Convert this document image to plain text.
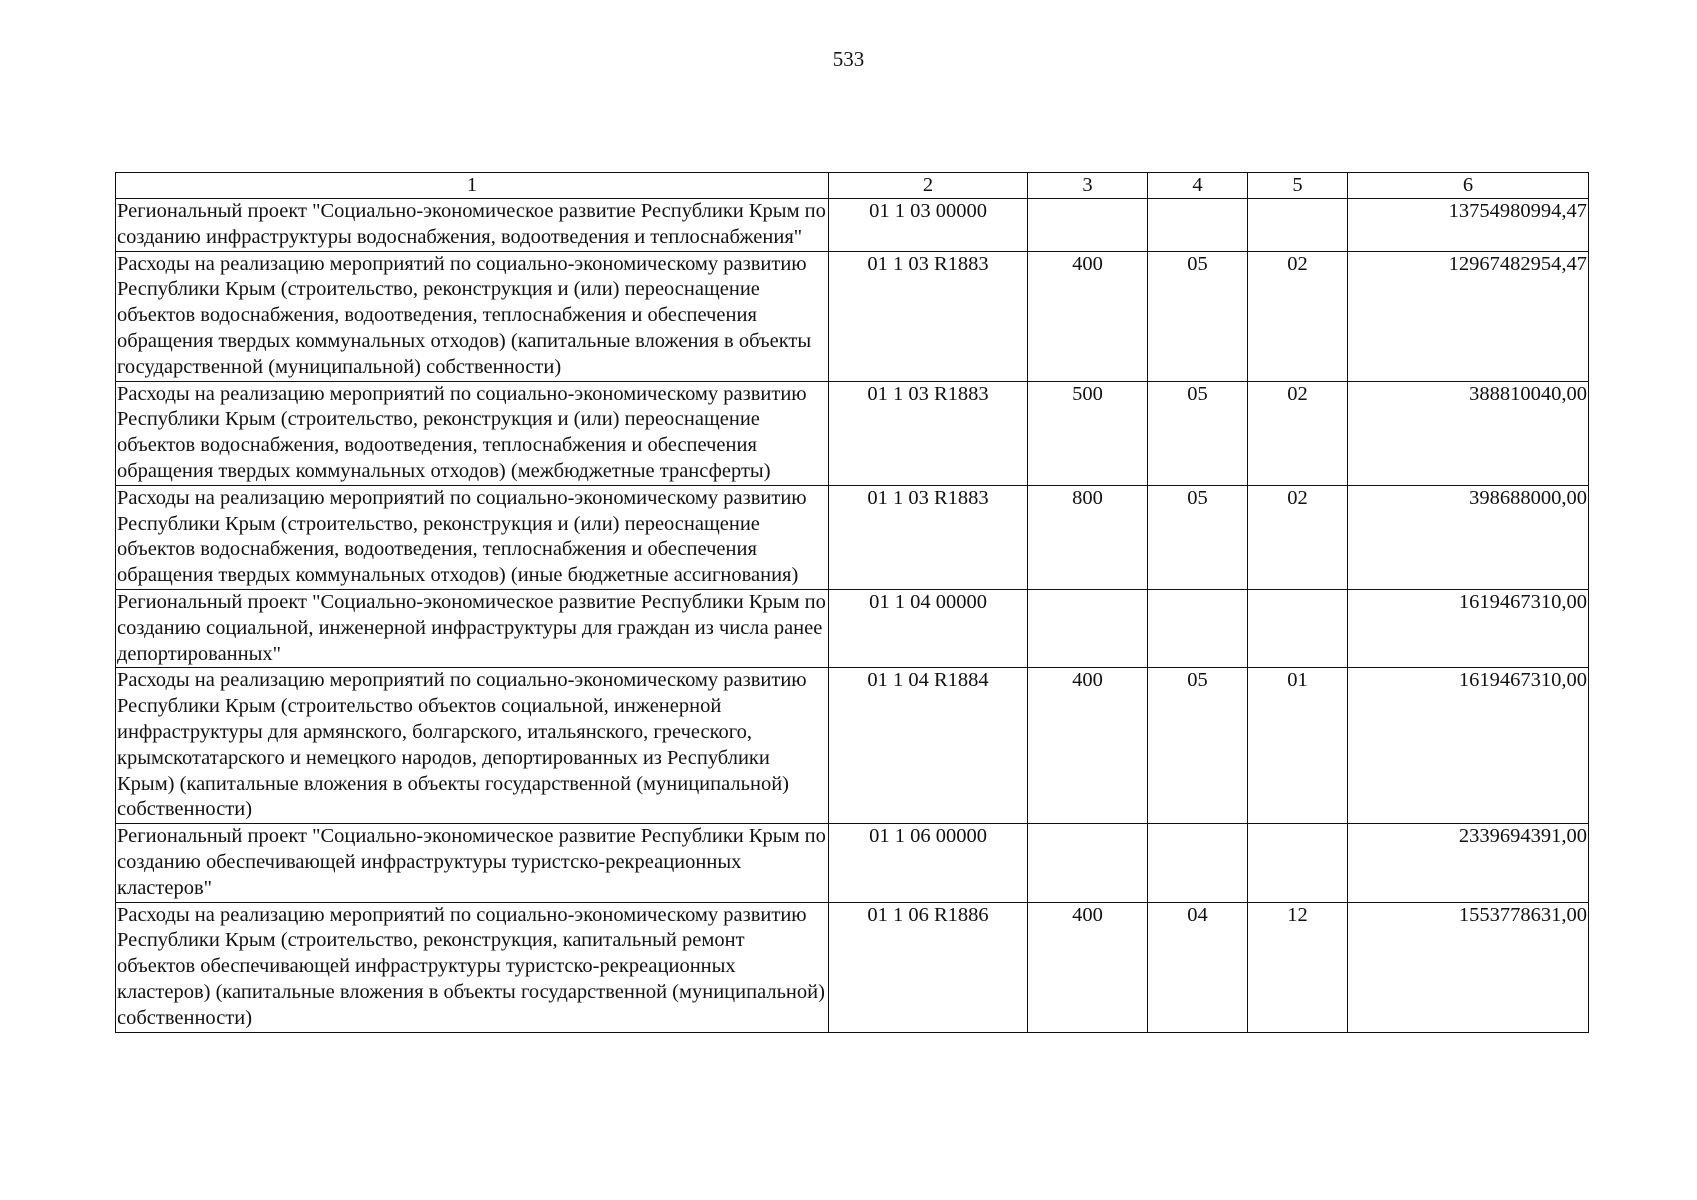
533
1	2	3	4	5	6
Региональный проект "Социально-экономическое развитие Республики Крым по созданию инфраструктуры водоснабжения, водоотведения и теплоснабжения"	01 1 03 00000				13754980994,47
Расходы на реализацию мероприятий по социально-экономическому развитию Республики Крым (строительство, реконструкция и (или) переоснащение объектов водоснабжения, водоотведения, теплоснабжения и обеспечения обращения твердых коммунальных отходов) (капитальные вложения в объекты государственной (муниципальной) собственности)	01 1 03 R1883	400	05	02	12967482954,47
Расходы на реализацию мероприятий по социально-экономическому развитию Республики Крым (строительство, реконструкция и (или) переоснащение объектов водоснабжения, водоотведения, теплоснабжения и обеспечения обращения твердых коммунальных отходов) (межбюджетные трансферты)	01 1 03 R1883	500	05	02	388810040,00
Расходы на реализацию мероприятий по социально-экономическому развитию Республики Крым (строительство, реконструкция и (или) переоснащение объектов водоснабжения, водоотведения, теплоснабжения и обеспечения обращения твердых коммунальных отходов) (иные бюджетные ассигнования)	01 1 03 R1883	800	05	02	398688000,00
Региональный проект "Социально-экономическое развитие Республики Крым по созданию социальной, инженерной инфраструктуры для граждан из числа ранее депортированных"	01 1 04 00000				1619467310,00
Расходы на реализацию мероприятий по социально-экономическому развитию Республики Крым (строительство объектов социальной, инженерной инфраструктуры для армянского, болгарского, итальянского, греческого, крымскотатарского и немецкого народов, депортированных из Республики Крым) (капитальные вложения в объекты государственной (муниципальной) собственности)	01 1 04 R1884	400	05	01	1619467310,00
Региональный проект "Социально-экономическое развитие Республики Крым по созданию обеспечивающей инфраструктуры туристско-рекреационных кластеров"	01 1 06 00000				2339694391,00
Расходы на реализацию мероприятий по социально-экономическому развитию Республики Крым (строительство, реконструкция, капитальный ремонт объектов обеспечивающей инфраструктуры туристско-рекреационных кластеров) (капитальные вложения в объекты государственной (муниципальной) собственности)	01 1 06 R1886	400	04	12	1553778631,00
